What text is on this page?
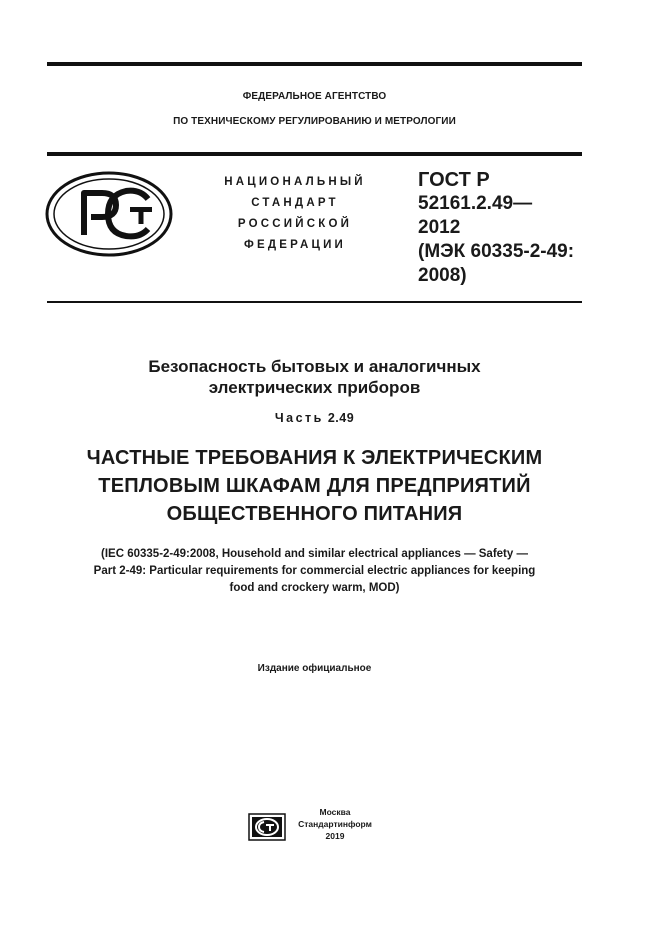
ФЕДЕРАЛЬНОЕ АГЕНТСТВО
ПО ТЕХНИЧЕСКОМУ РЕГУЛИРОВАНИЮ И МЕТРОЛОГИИ
НАЦИОНАЛЬНЫЙ
СТАНДАРТ
РОССИЙСКОЙ
ФЕДЕРАЦИИ
ГОСТ Р
52161.2.49—
2012
(МЭК 60335-2-49:
2008)
Безопасность бытовых и аналогичных
электрических приборов
Часть 2.49
ЧАСТНЫЕ ТРЕБОВАНИЯ К ЭЛЕКТРИЧЕСКИМ
ТЕПЛОВЫМ ШКАФАМ ДЛЯ ПРЕДПРИЯТИЙ
ОБЩЕСТВЕННОГО ПИТАНИЯ
(IEC 60335-2-49:2008, Household and similar electrical appliances — Safety —
Part 2-49: Particular requirements for commercial electric appliances for keeping
food and crockery warm, MOD)
Издание официальное
Москва
Стандартинформ
2019
